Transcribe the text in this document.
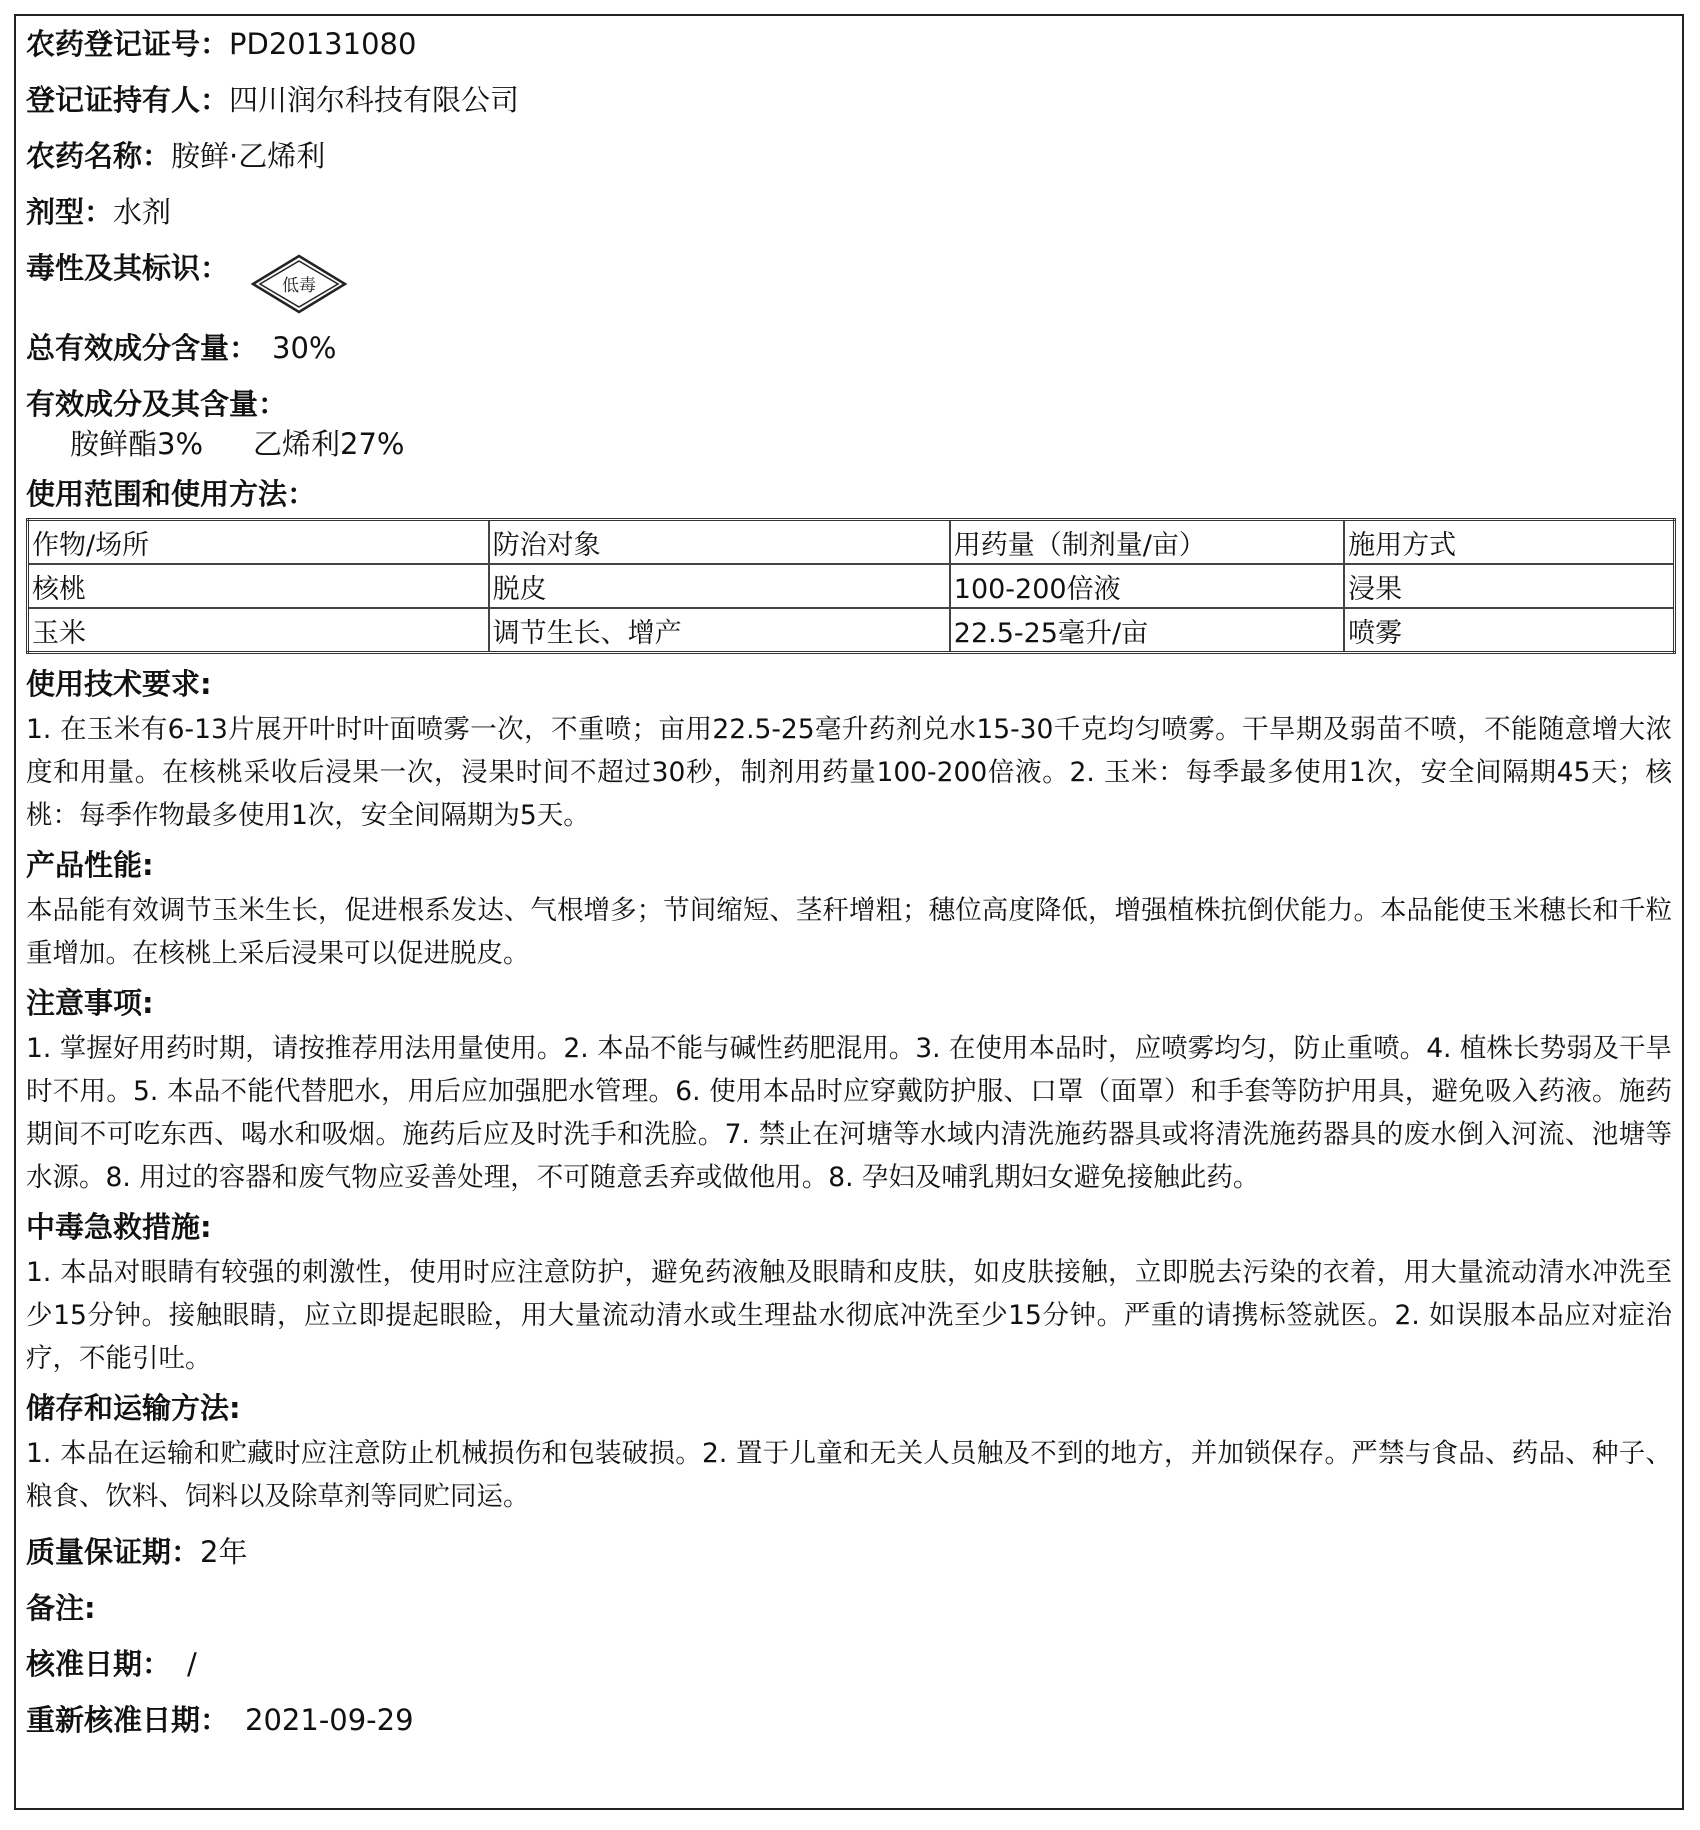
农药登记证号：PD20131080
登记证持有人：四川润尔科技有限公司
农药名称：胺鲜·乙烯利
剂型：水剂
毒性及其标识：
低毒
总有效成分含量： 30%
有效成分及其含量：
胺鲜酯3% 乙烯利27%
使用范围和使用方法：
作物/场所	防治对象	用药量（制剂量/亩）	施用方式
核桃	脱皮	100-200倍液	浸果
玉米	调节生长、增产	22.5-25毫升/亩	喷雾
使用技术要求:
1. 在玉米有6-13片展开叶时叶面喷雾一次，不重喷；亩用22.5-25毫升药剂兑水15-30千克均匀喷雾。干旱期及弱苗不喷，不能随意增大浓度和用量。在核桃采收后浸果一次，浸果时间不超过30秒，制剂用药量100-200倍液。2. 玉米：每季最多使用1次，安全间隔期45天；核桃：每季作物最多使用1次，安全间隔期为5天。
产品性能:
本品能有效调节玉米生长，促进根系发达、气根增多；节间缩短、茎秆增粗；穗位高度降低，增强植株抗倒伏能力。本品能使玉米穗长和千粒重增加。在核桃上采后浸果可以促进脱皮。
注意事项:
1. 掌握好用药时期，请按推荐用法用量使用。2. 本品不能与碱性药肥混用。3. 在使用本品时，应喷雾均匀，防止重喷。4. 植株长势弱及干旱时不用。5. 本品不能代替肥水，用后应加强肥水管理。6. 使用本品时应穿戴防护服、口罩（面罩）和手套等防护用具，避免吸入药液。施药期间不可吃东西、喝水和吸烟。施药后应及时洗手和洗脸。7. 禁止在河塘等水域内清洗施药器具或将清洗施药器具的废水倒入河流、池塘等水源。8. 用过的容器和废气物应妥善处理，不可随意丢弃或做他用。8. 孕妇及哺乳期妇女避免接触此药。
中毒急救措施:
1. 本品对眼睛有较强的刺激性，使用时应注意防护，避免药液触及眼睛和皮肤，如皮肤接触，立即脱去污染的衣着，用大量流动清水冲洗至少15分钟。接触眼睛，应立即提起眼睑，用大量流动清水或生理盐水彻底冲洗至少15分钟。严重的请携标签就医。2. 如误服本品应对症治疗，不能引吐。
储存和运输方法:
1. 本品在运输和贮藏时应注意防止机械损伤和包装破损。2. 置于儿童和无关人员触及不到的地方，并加锁保存。严禁与食品、药品、种子、粮食、饮料、饲料以及除草剂等同贮同运。
质量保证期：2年
备注:
核准日期： /
重新核准日期： 2021-09-29
